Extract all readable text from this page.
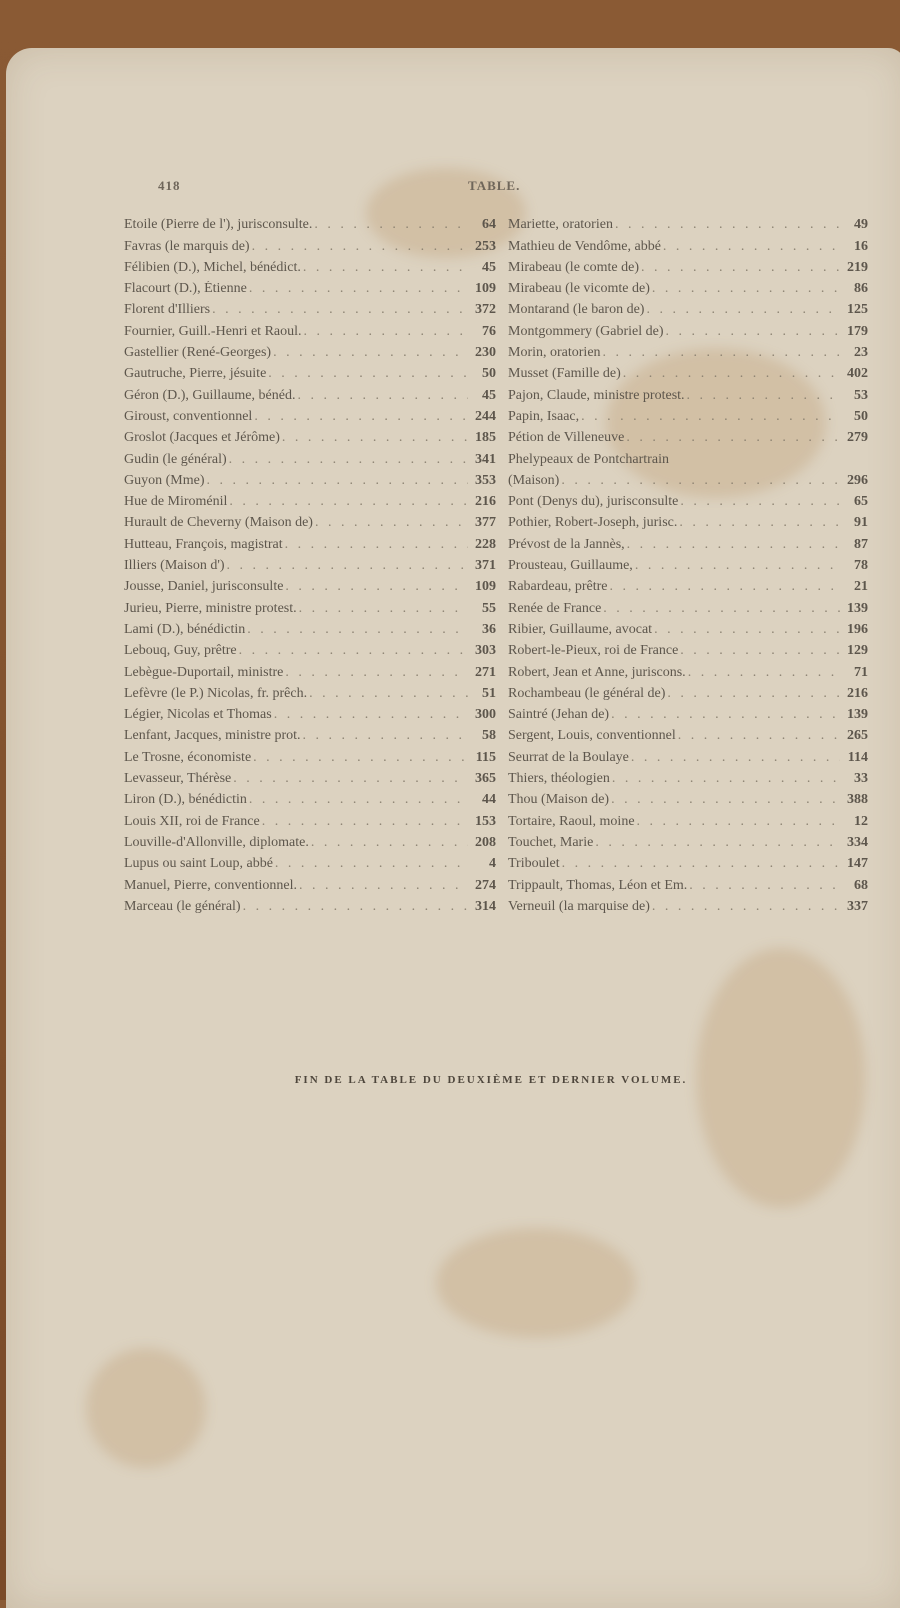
418	TABLE.
Etoile (Pierre de l'), jurisconsulte. . . .	64
Favras (le marquis de) . . .	253
Félibien (D.), Michel, bénédict. . . .	45
Flacourt (D.), Étienne . . .	109
Florent d'Illiers . . .	372
Fournier, Guill.-Henri et Raoul. . . .	76
Gastellier (René-Georges) . . .	230
Gautruche, Pierre, jésuite . . .	50
Géron (D.), Guillaume, bénéd. . . .	45
Giroust, conventionnel . . .	244
Groslot (Jacques et Jérôme) . . .	185
Gudin (le général) . . .	341
Guyon (Mme) . . .	353
Hue de Miroménil . . .	216
Hurault de Cheverny (Maison de) . . .	377
Hutteau, François, magistrat . . .	228
Illiers (Maison d') . . .	371
Jousse, Daniel, jurisconsulte . . .	109
Jurieu, Pierre, ministre protest. . . .	55
Lami (D.), bénédictin . . .	36
Lebouq, Guy, prêtre . . .	303
Lebègue-Duportail, ministre . . .	271
Lefèvre (le P.) Nicolas, fr. prêch. . . .	51
Légier, Nicolas et Thomas . . .	300
Lenfant, Jacques, ministre prot. . . .	58
Le Trosne, économiste . . .	115
Levasseur, Thérèse . . .	365
Liron (D.), bénédictin . . .	44
Louis XII, roi de France . . .	153
Louville-d'Allonville, diplomate. . . .	208
Lupus ou saint Loup, abbé . . .	4
Manuel, Pierre, conventionnel. . . .	274
Marceau (le général) . . .	314
Mariette, oratorien . . .	49
Mathieu de Vendôme, abbé . . .	16
Mirabeau (le comte de) . . .	219
Mirabeau (le vicomte de) . . .	86
Montarand (le baron de) . . .	125
Montgommery (Gabriel de) . . .	179
Morin, oratorien . . .	23
Musset (Famille de) . . .	402
Pajon, Claude, ministre protest. . . .	53
Papin, Isaac, . . .	50
Pétion de Villeneuve . . .	279
Phelypeaux de Pontchartrain
(Maison) . . .	296
Pont (Denys du), jurisconsulte . . .	65
Pothier, Robert-Joseph, jurisc. . . .	91
Prévost de la Jannès, . . .	87
Prousteau, Guillaume, . . .	78
Rabardeau, prêtre . . .	21
Renée de France . . .	139
Ribier, Guillaume, avocat . . .	196
Robert-le-Pieux, roi de France . . .	129
Robert, Jean et Anne, juriscons. . . .	71
Rochambeau (le général de) . . .	216
Saintré (Jehan de) . . .	139
Sergent, Louis, conventionnel . . .	265
Seurrat de la Boulaye . . .	114
Thiers, théologien . . .	33
Thou (Maison de) . . .	388
Tortaire, Raoul, moine . . .	12
Touchet, Marie . . .	334
Triboulet . . .	147
Trippault, Thomas, Léon et Em. . . .	68
Verneuil (la marquise de) . . .	337
FIN DE LA TABLE DU DEUXIÈME ET DERNIER VOLUME.
